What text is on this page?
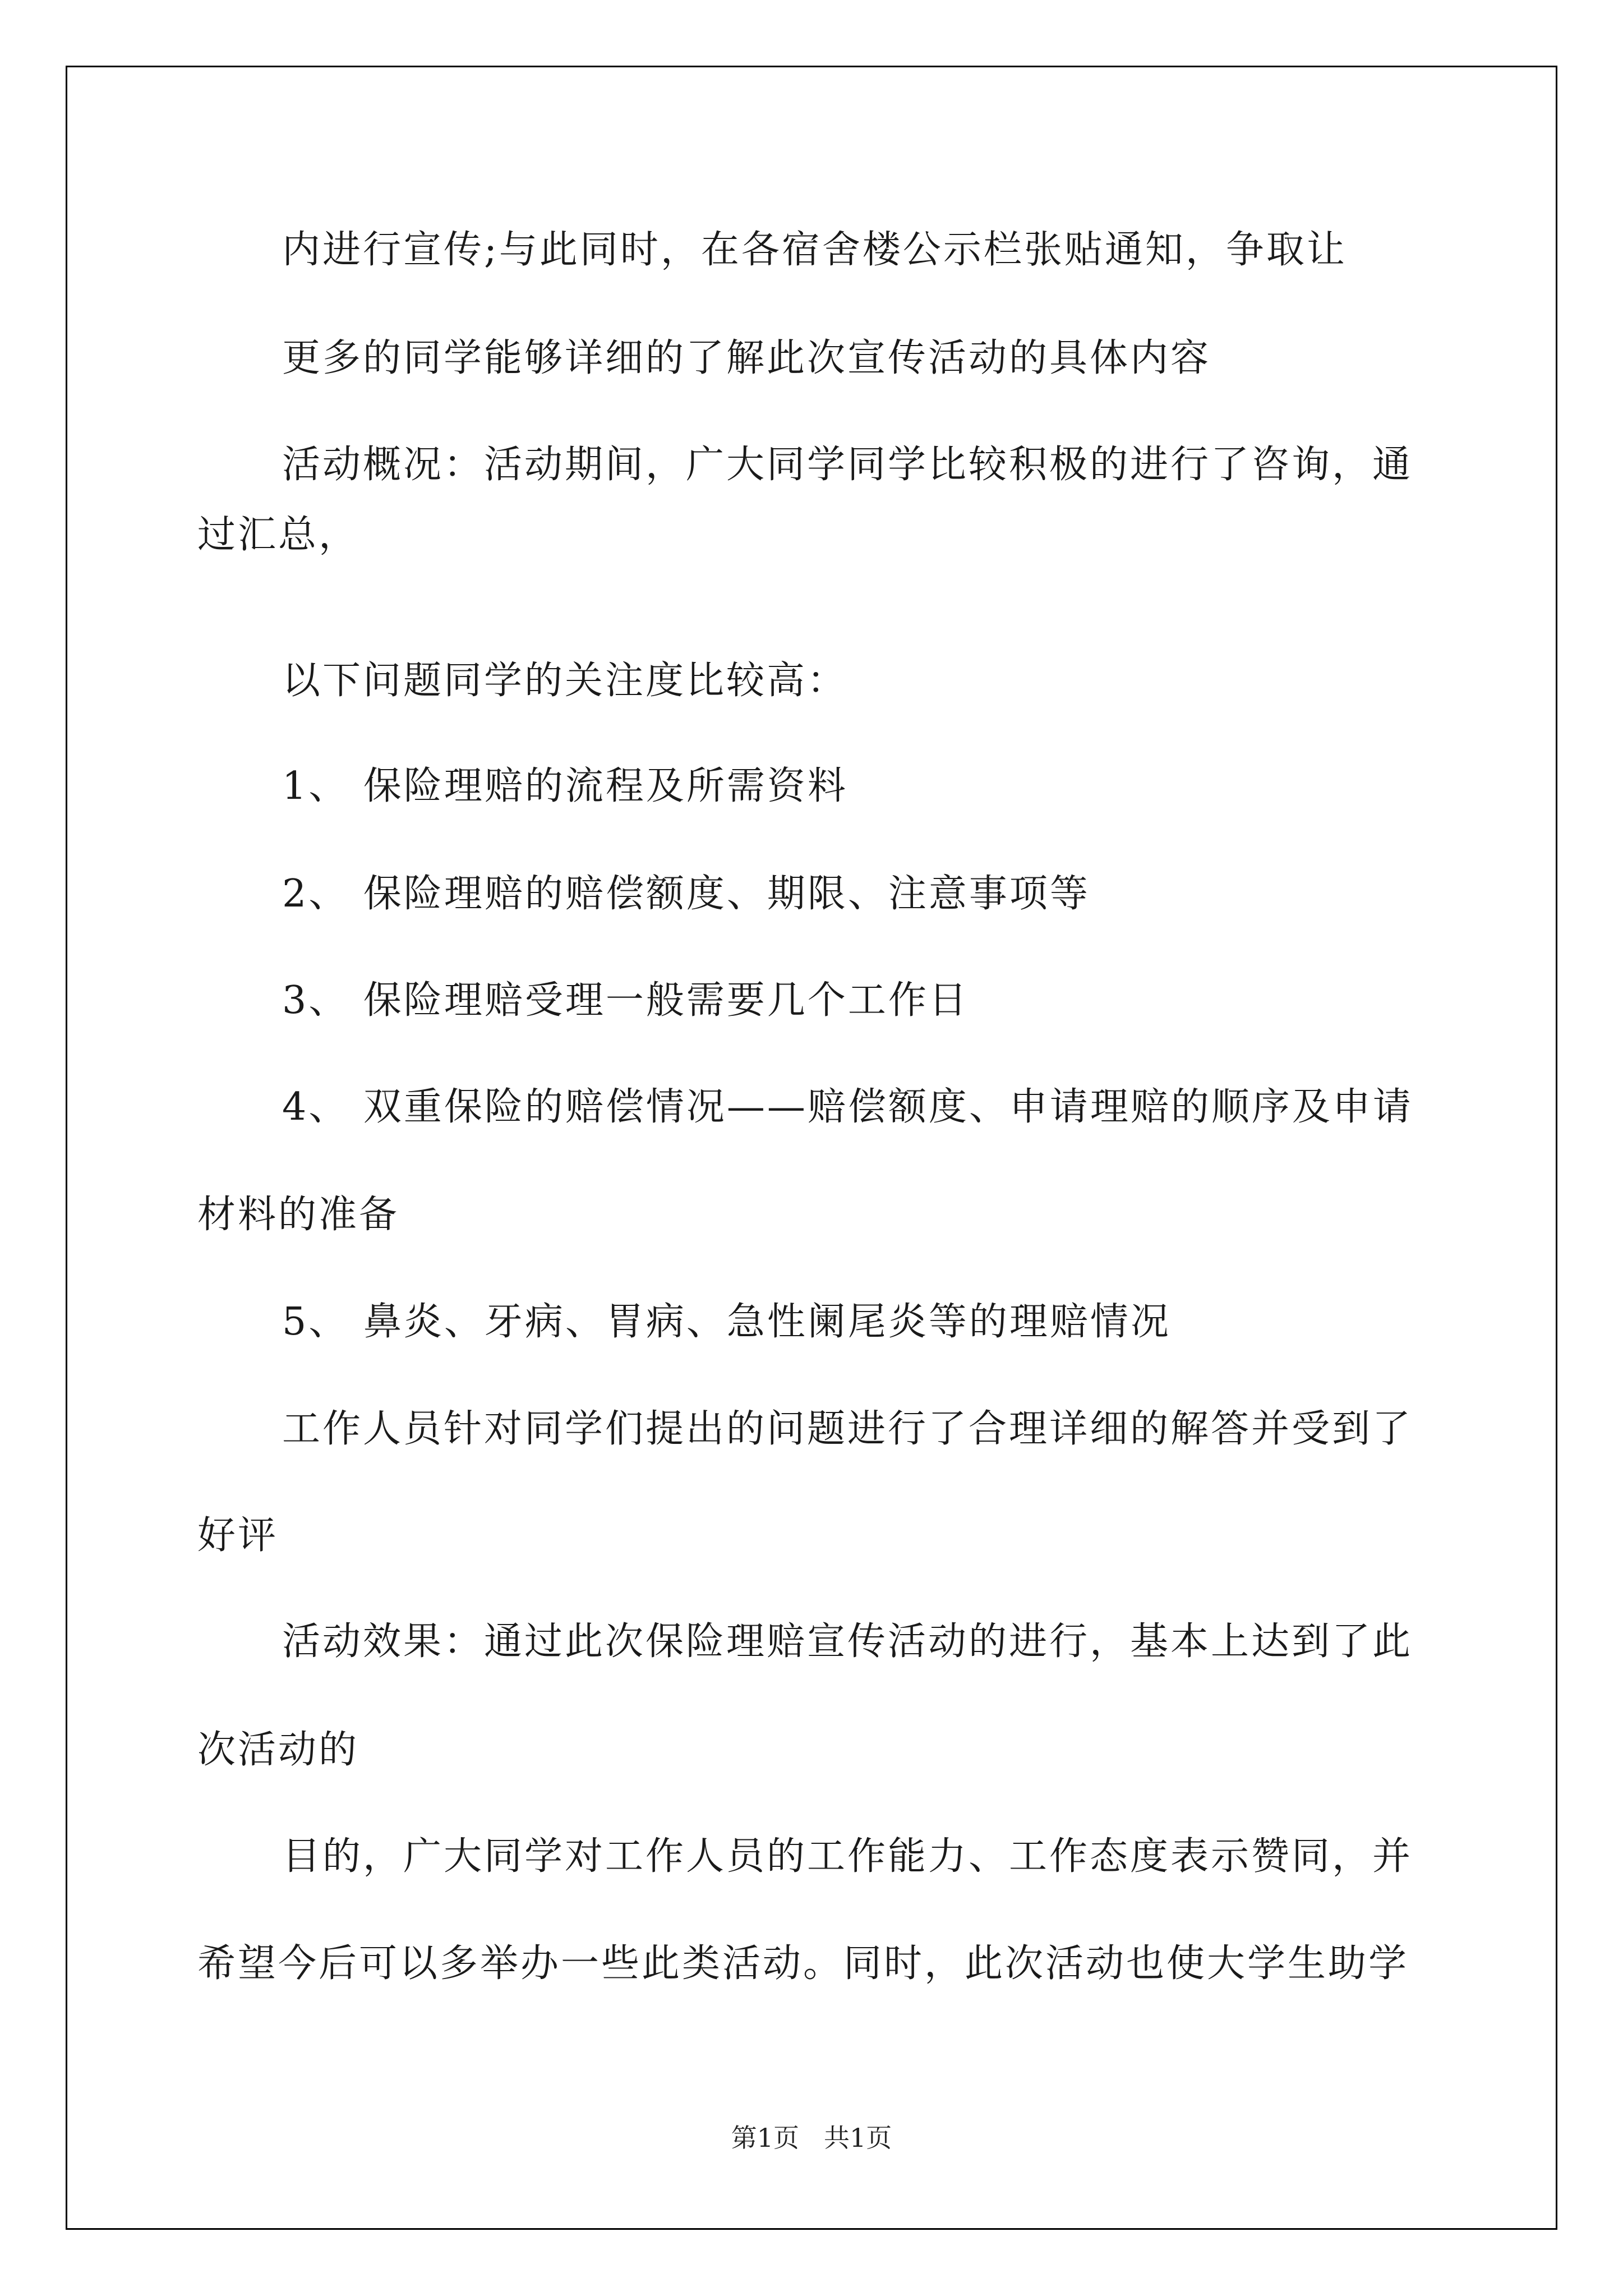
内进行宣传;与此同时，在各宿舍楼公示栏张贴通知，争取让
更多的同学能够详细的了解此次宣传活动的具体内容
活动概况：活动期间，广大同学同学比较积极的进行了咨询，通
过汇总，
以下问题同学的关注度比较高：
1、 保险理赔的流程及所需资料
2、 保险理赔的赔偿额度、期限、注意事项等
3、 保险理赔受理一般需要几个工作日
4、 双重保险的赔偿情况——赔偿额度、申请理赔的顺序及申请
材料的准备
5、 鼻炎、牙病、胃病、急性阑尾炎等的理赔情况
工作人员针对同学们提出的问题进行了合理详细的解答并受到了
好评
活动效果：通过此次保险理赔宣传活动的进行，基本上达到了此
次活动的
目的，广大同学对工作人员的工作能力、工作态度表示赞同，并
希望今后可以多举办一些此类活动。同时，此次活动也使大学生助学
第1页 共1页
